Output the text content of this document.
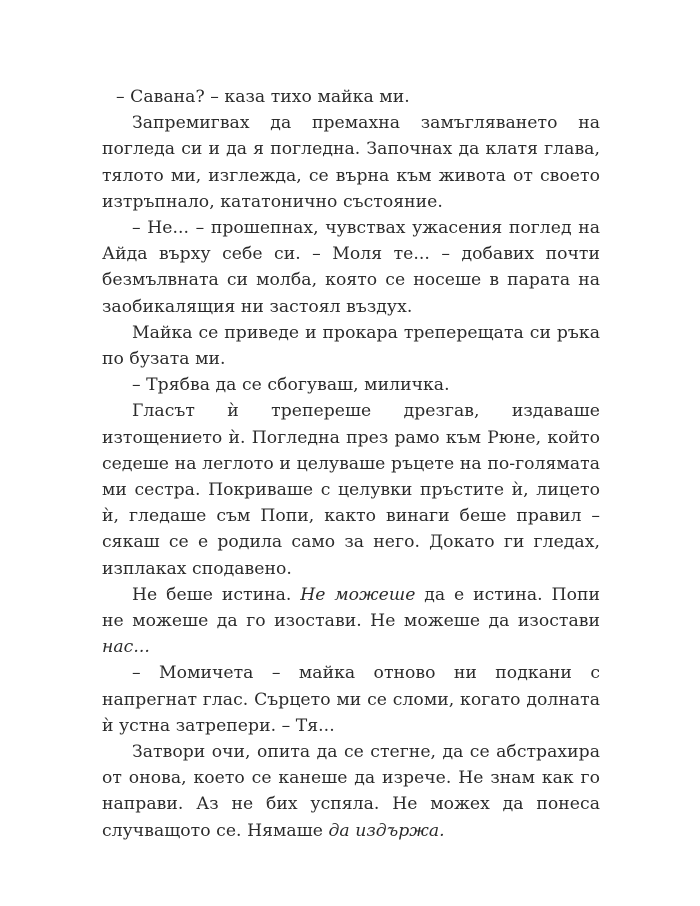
– Савана? – каза тихо майка ми.

Запремигвах да премахна замъгляването на погледа си и да я погледна. Започнах да клатя глава, тялото ми, изглежда, се върна към живота от своето изтръпнало, кататонично състояние.

– Не... – прошепнах, чувствах ужасения поглед на Айда върху себе си. – Моля те... – добавих почти безмълвната си молба, която се носеше в парата на заобикалящия ни застоял въздух.

Майка се приведе и прокара треперещата си ръка по бузата ми.

– Трябва да се сбогуваш, миличка.

Гласът ѝ трепереше дрезгав, издаваше изтощението ѝ. Погледна през рамо към Рюне, който седеше на леглото и целуваше ръцете на по-голямата ми сестра. Покриваше с целувки пръстите ѝ, лицето ѝ, гледаше съм Попи, както винаги беше правил – сякаш се е родила само за него. Докато ги гледах, изплаках сподавено.

Не беше истина. Не можеше да е истина. Попи не можеше да го изостави. Не можеше да изостави нас...

– Момичета – майка отново ни подкани с напрегнат глас. Сърцето ми се сломи, когато долната ѝ устна затрепери. – Тя...

Затвори очи, опита да се стегне, да се абстрахира от онова, което се канеше да изрече. Не знам как го направи. Аз не бих успяла. Не можех да понеса случващото се. Нямаше да издържа.
